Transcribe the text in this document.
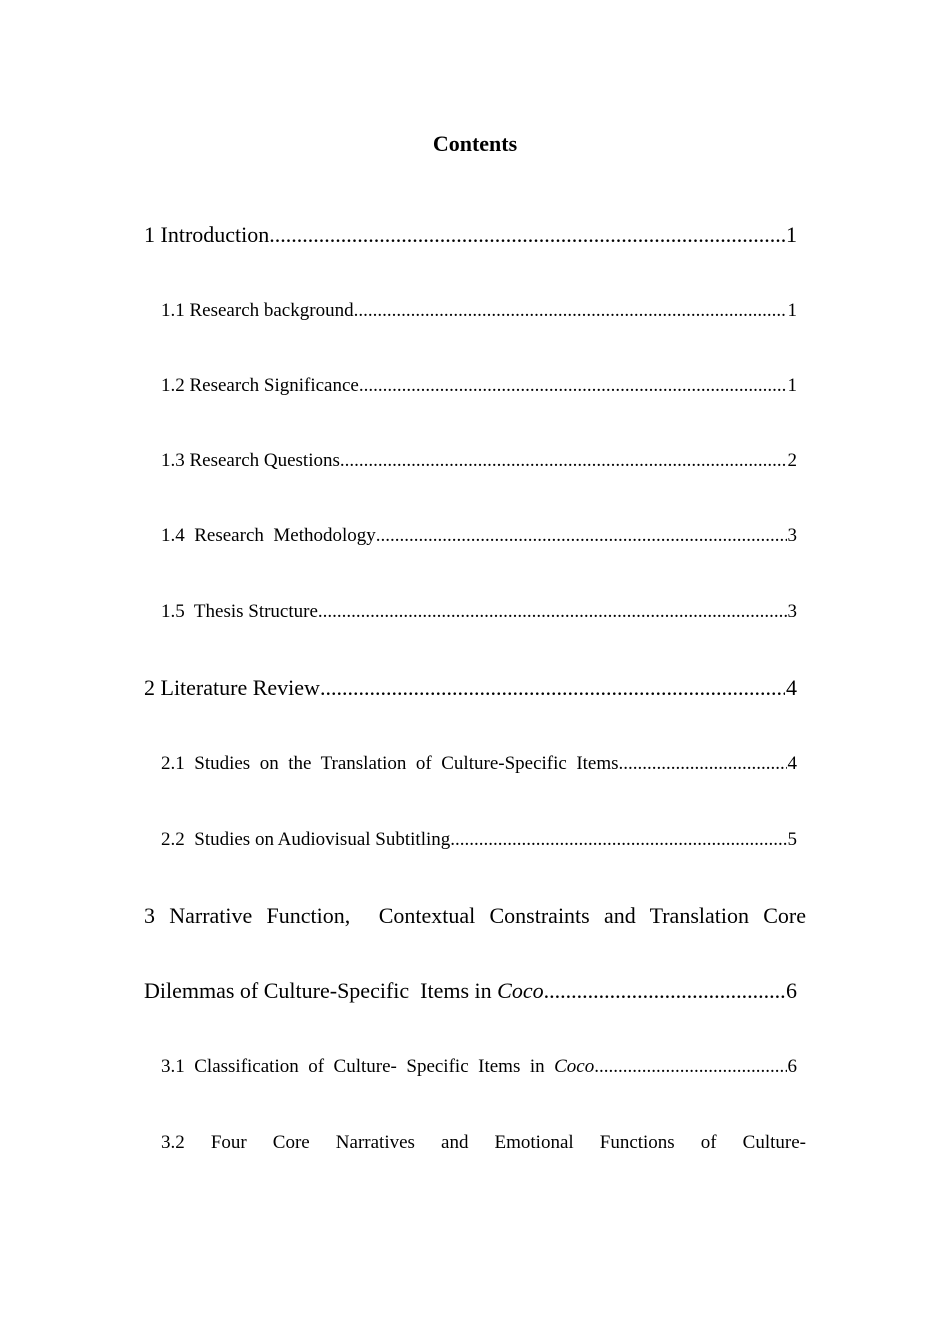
Contents
1 Introduction .....	1
1.1 Research background .....	1
1.2 Research Significance .....	1
1.3 Research Questions .....	2
1.4  Research  Methodology .....	3
1.5  Thesis Structure .....	3
2 Literature Review .....	4
2.1  Studies  on  the  Translation  of  Culture-Specific  Items .....	4
2.2  Studies on Audiovisual Subtitling .....	5
3 Narrative Function,  Contextual Constraints and Translation Core
Dilemmas of Culture-Specific  Items in Coco .....	6
3.1  Classification  of  Culture-  Specific  Items  in  Coco .....	6
3.2  Four  Core  Narratives  and  Emotional  Functions  of  Culture-
